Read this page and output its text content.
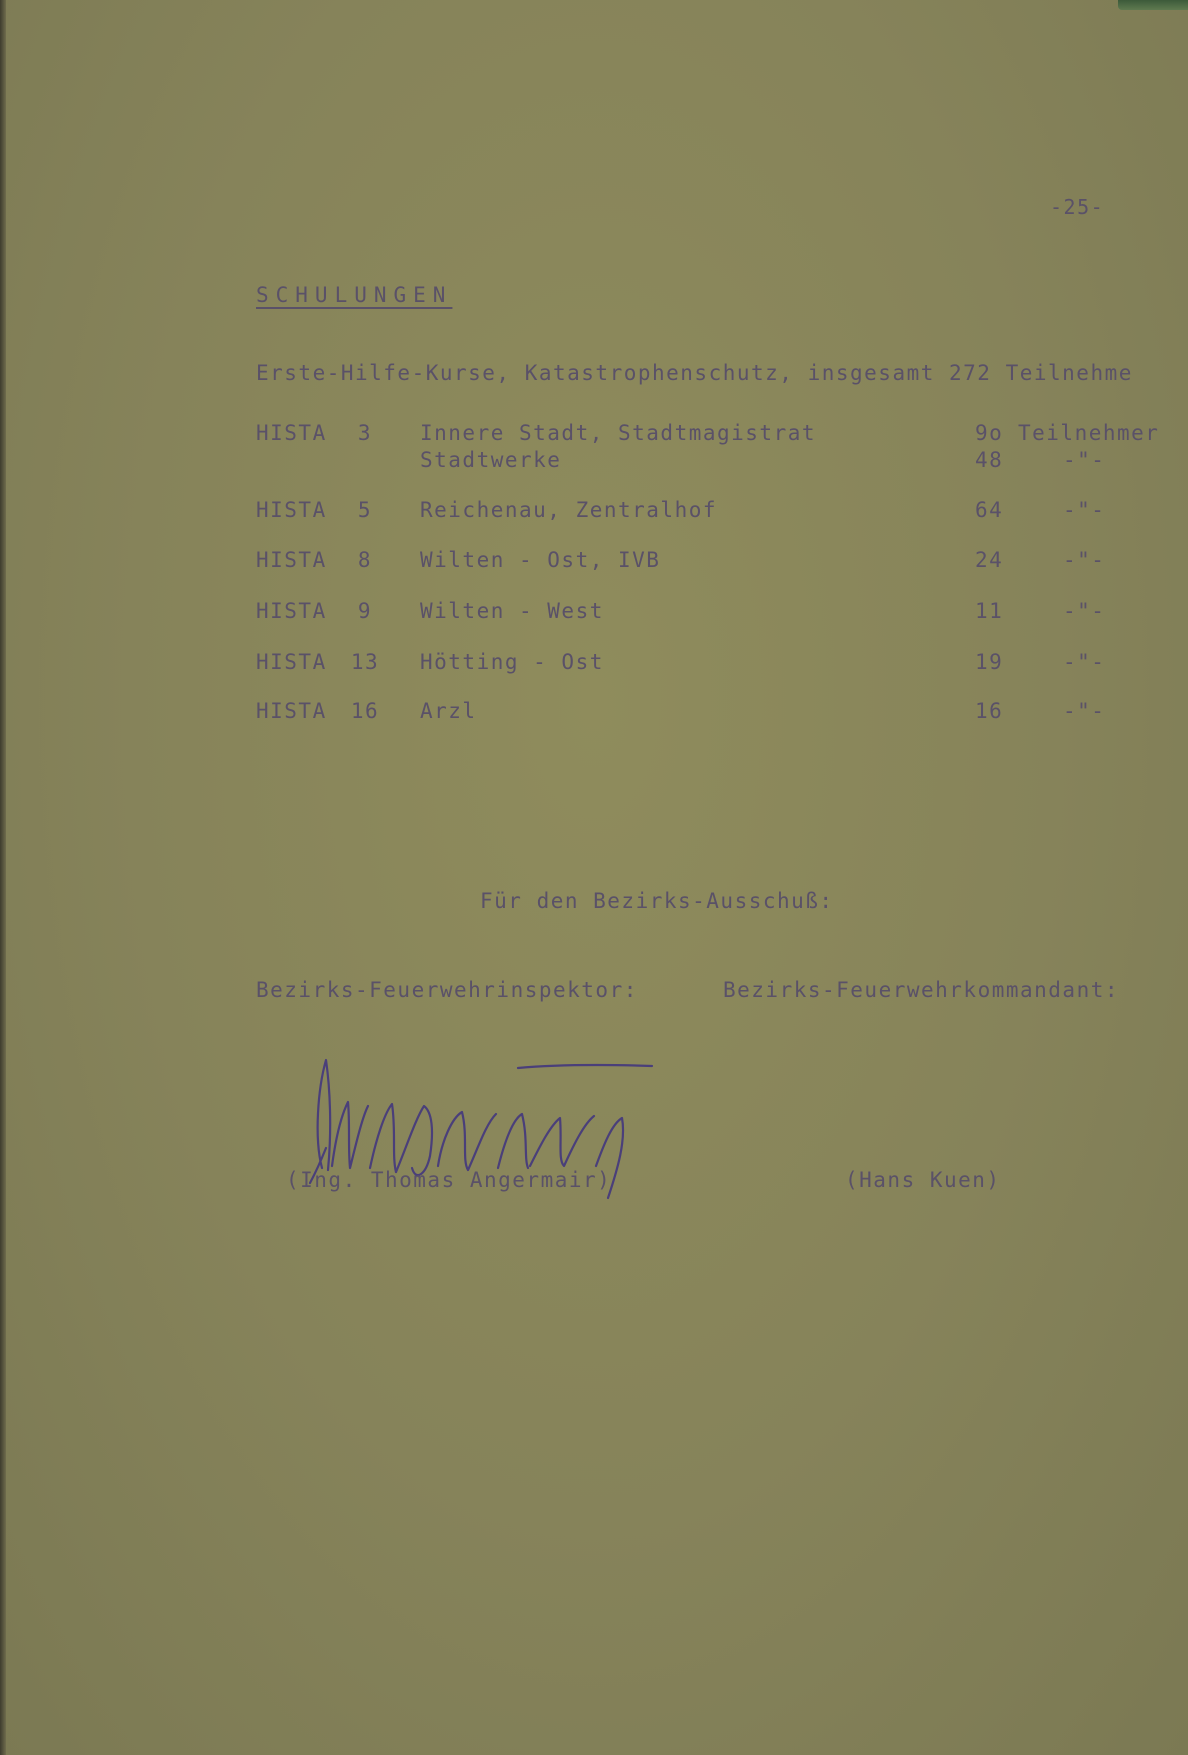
-25-
SCHULUNGEN
Erste-Hilfe-Kurse, Katastrophenschutz, insgesamt 272 Teilnehme
HISTA	3	Innere Stadt, Stadtmagistrat	9o Teilnehmer
Stadtwerke	48	-"-
HISTA	5	Reichenau, Zentralhof	64	-"-
HISTA	8	Wilten - Ost, IVB	24	-"-
HISTA	9	Wilten - West	11	-"-
HISTA 13 Hötting - Ost	19	-"-
HISTA 16 Arzl	16	-"-
Für den Bezirks-Ausschuß:
Bezirks-Feuerwehrinspektor:	Bezirks-Feuerwehrkommandant:
(Ing. Thomas Angermair)	(Hans Kuen)
